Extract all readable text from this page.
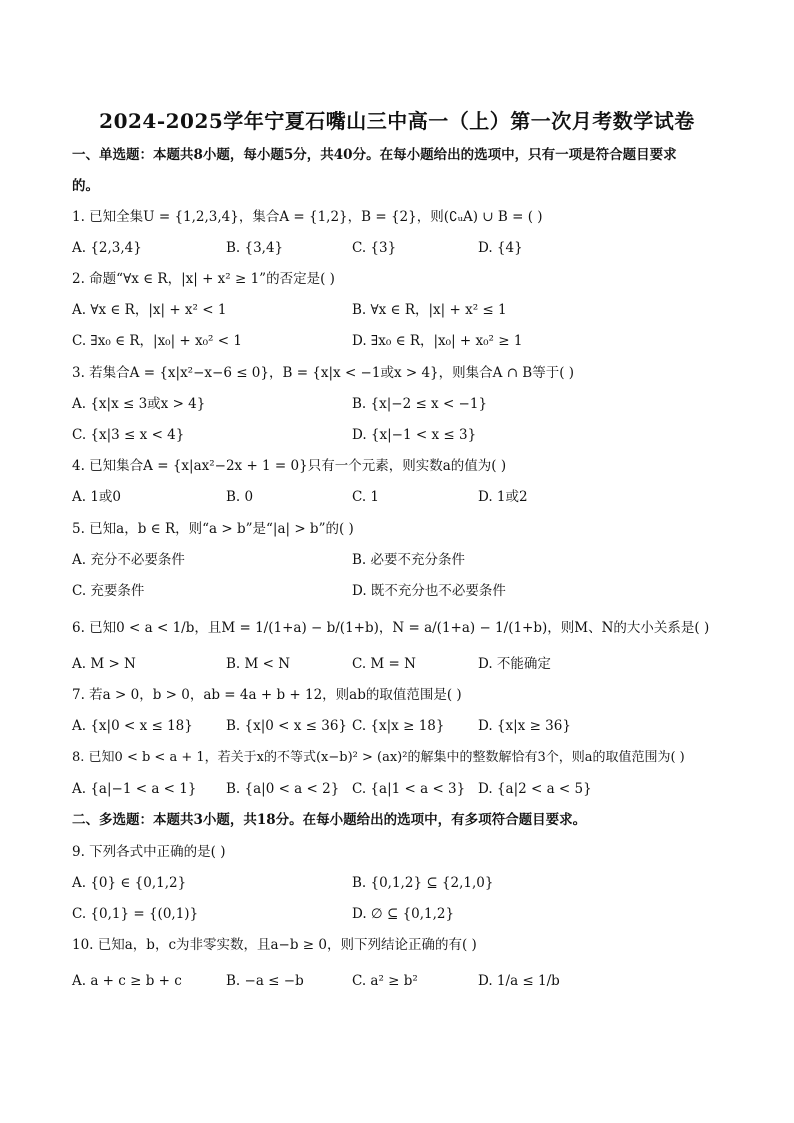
2024-2025学年宁夏石嘴山三中高一（上）第一次月考数学试卷
一、单选题：本题共8小题，每小题5分，共40分。在每小题给出的选项中，只有一项是符合题目要求
的。
1. 已知全集U = {1,2,3,4}，集合A = {1,2}，B = {2}，则(∁ᵤA) ∪ B = ( )
A. {2,3,4}	B. {3,4}	C. {3}	D. {4}
2. 命题“∀x ∈ R，|x| + x² ≥ 1”的否定是( )
A. ∀x ∈ R，|x| + x² < 1	B. ∀x ∈ R，|x| + x² ≤ 1
C. ∃x₀ ∈ R，|x₀| + x₀² < 1	D. ∃x₀ ∈ R，|x₀| + x₀² ≥ 1
3. 若集合A = {x|x²−x−6 ≤ 0}，B = {x|x < −1或x > 4}，则集合A ∩ B等于( )
A. {x|x ≤ 3或x > 4}	B. {x|−2 ≤ x < −1}
C. {x|3 ≤ x < 4}	D. {x|−1 < x ≤ 3}
4. 已知集合A = {x|ax²−2x + 1 = 0}只有一个元素，则实数a的值为( )
A. 1或0	B. 0	C. 1	D. 1或2
5. 已知a，b ∈ R，则“a > b”是“|a| > b”的( )
A. 充分不必要条件	B. 必要不充分条件
C. 充要条件	D. 既不充分也不必要条件
6. 已知0 < a < 1/b，且M = 1/(1+a) − b/(1+b)，N = a/(1+a) − 1/(1+b)，则M、N的大小关系是( )
A. M > N	B. M < N	C. M = N	D. 不能确定
7. 若a > 0，b > 0，ab = 4a + b + 12，则ab的取值范围是( )
A. {x|0 < x ≤ 18} B. {x|0 < x ≤ 36} C. {x|x ≥ 18} D. {x|x ≥ 36}
8. 已知0 < b < a + 1，若关于x的不等式(x−b)² > (ax)²的解集中的整数解恰有3个，则a的取值范围为( )
A. {a|−1 < a < 1} B. {a|0 < a < 2} C. {a|1 < a < 3} D. {a|2 < a < 5}
二、多选题：本题共3小题，共18分。在每小题给出的选项中，有多项符合题目要求。
9. 下列各式中正确的是( )
A. {0} ∈ {0,1,2}	B. {0,1,2} ⊆ {2,1,0}
C. {0,1} = {(0,1)}	D. ∅ ⊆ {0,1,2}
10. 已知a，b，c为非零实数，且a−b ≥ 0，则下列结论正确的有( )
A. a + c ≥ b + c	B. −a ≤ −b	C. a² ≥ b²	D. 1/a ≤ 1/b
